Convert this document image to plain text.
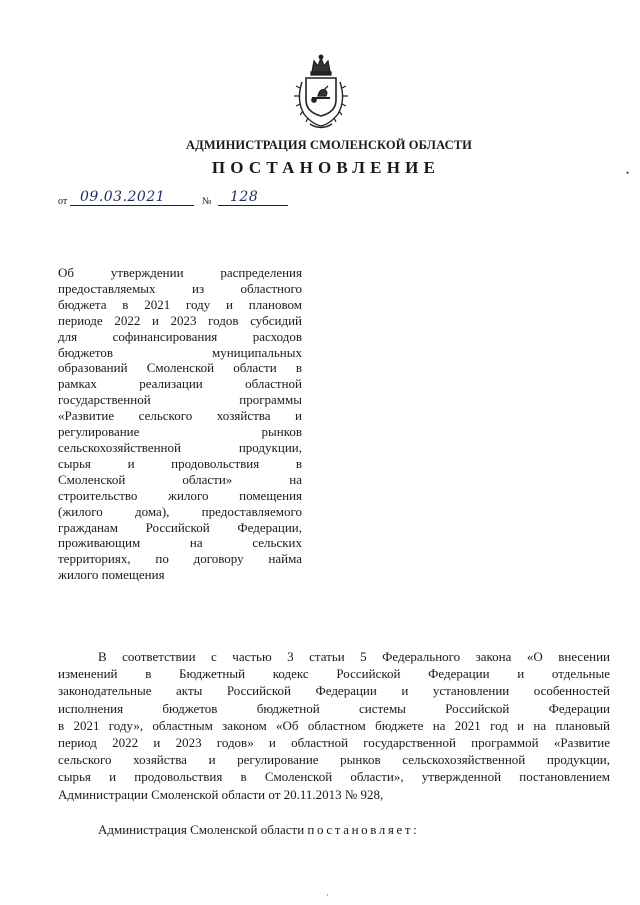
АДМИНИСТРАЦИЯ СМОЛЕНСКОЙ ОБЛАСТИ
ПОСТАНОВЛЕНИЕ
от 09.03.2021	№ 128
Об утверждении распределения
предоставляемых из областного
бюджета в 2021 году и плановом
периоде 2022 и 2023 годов субсидий
для софинансирования расходов
бюджетов муниципальных
образований Смоленской области в
рамках реализации областной
государственной программы
«Развитие сельского хозяйства и
регулирование рынков
сельскохозяйственной продукции,
сырья и продовольствия в
Смоленской области» на
строительство жилого помещения
(жилого дома), предоставляемого
гражданам Российской Федерации,
проживающим на сельских
территориях, по договору найма
жилого помещения
В соответствии с частью 3 статьи 5 Федерального закона «О внесении
изменений в Бюджетный кодекс Российской Федерации и отдельные
законодательные акты Российской Федерации и установлении особенностей
исполнения бюджетов бюджетной системы Российской Федерации
в 2021 году», областным законом «Об областном бюджете на 2021 год и на плановый
период 2022 и 2023 годов» и областной государственной программой «Развитие
сельского хозяйства и регулирование рынков сельскохозяйственной продукции,
сырья и продовольствия в Смоленской области», утвержденной постановлением
Администрации Смоленской области от 20.11.2013 № 928,
Администрация Смоленской области постановляет:
•
·
